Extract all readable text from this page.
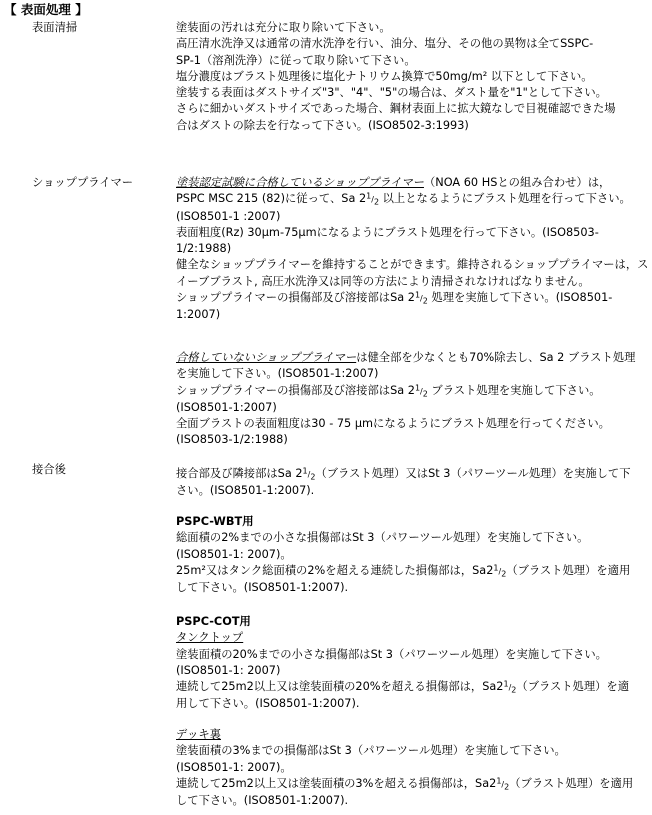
【 表面処理 】
表面清掃	塗装面の汚れは充分に取り除いて下さい。
高圧清水洗浄又は通常の清水洗浄を行い、油分、塩分、その他の異物は全てSSPC-
SP-1（溶剤洗浄）に従って取り除いて下さい。
塩分濃度はブラスト処理後に塩化ナトリウム換算で50mg/m² 以下として下さい。
塗装する表面はダストサイズ"3"、"4"、"5"の場合は、ダスト量を"1"として下さい。
さらに細かいダストサイズであった場合、鋼材表面上に拡大鏡なしで目視確認できた場
合はダストの除去を行なって下さい。(ISO8502-3:1993)
ショッププライマー	塗装認定試験に合格しているショッププライマー（NOA 60 HSとの組み合わせ）は，
PSPC MSC 215 (82)に従って、Sa $2^1/_2$ 以上となるようにブラスト処理を行って下さい。
(ISO8501-1 :2007)
表面粗度(Rz) 30μm-75μmになるようにブラスト処理を行って下さい。(ISO8503-
1/2:1988)
健全なショッププライマーを維持することができます。維持されるショッププライマーは，ス
イーブブラスト, 高圧水洗浄又は同等の方法により清掃されなければなりません。
ショッププライマーの損傷部及び溶接部はSa $2^1/_2$ 処理を実施して下さい。(ISO8501-
1:2007)
合格していないショッププライマーは健全部を少なくとも70%除去し、Sa 2 ブラスト処理
を実施して下さい。(ISO8501-1:2007)
ショッププライマーの損傷部及び溶接部はSa $2^1/_2$ ブラスト処理を実施して下さい。
(ISO8501-1:2007)
全面ブラストの表面粗度は30 - 75 μmになるようにブラスト処理を行ってください。
(ISO8503-1/2:1988)
接合後	接合部及び隣接部はSa $2^1/_2$（ブラスト処理）又はSt 3（パワーツール処理）を実施して下
さい。(ISO8501-1:2007).
PSPC-WBT用
総面積の2%までの小さな損傷部はSt 3（パワーツール処理）を実施して下さい。
(ISO8501-1: 2007)。
25m²又はタンク総面積の2%を超える連続した損傷部は，$Sa2^1/_2$（ブラスト処理）を適用
して下さい。(ISO8501-1:2007).
PSPC-COT用
タンクトップ
塗装面積の20%までの小さな損傷部はSt 3（パワーツール処理）を実施して下さい。
(ISO8501-1: 2007)
連続して25m2以上又は塗装面積の20%を超える損傷部は，$Sa2^1/_2$（ブラスト処理）を適
用して下さい。(ISO8501-1:2007).
デッキ裏
塗装面積の3%までの損傷部はSt 3（パワーツール処理）を実施して下さい。
(ISO8501-1: 2007)。
連続して25m2以上又は塗装面積の3%を超える損傷部は，$Sa2^1/_2$（ブラスト処理）を適用
して下さい。(ISO8501-1:2007).
